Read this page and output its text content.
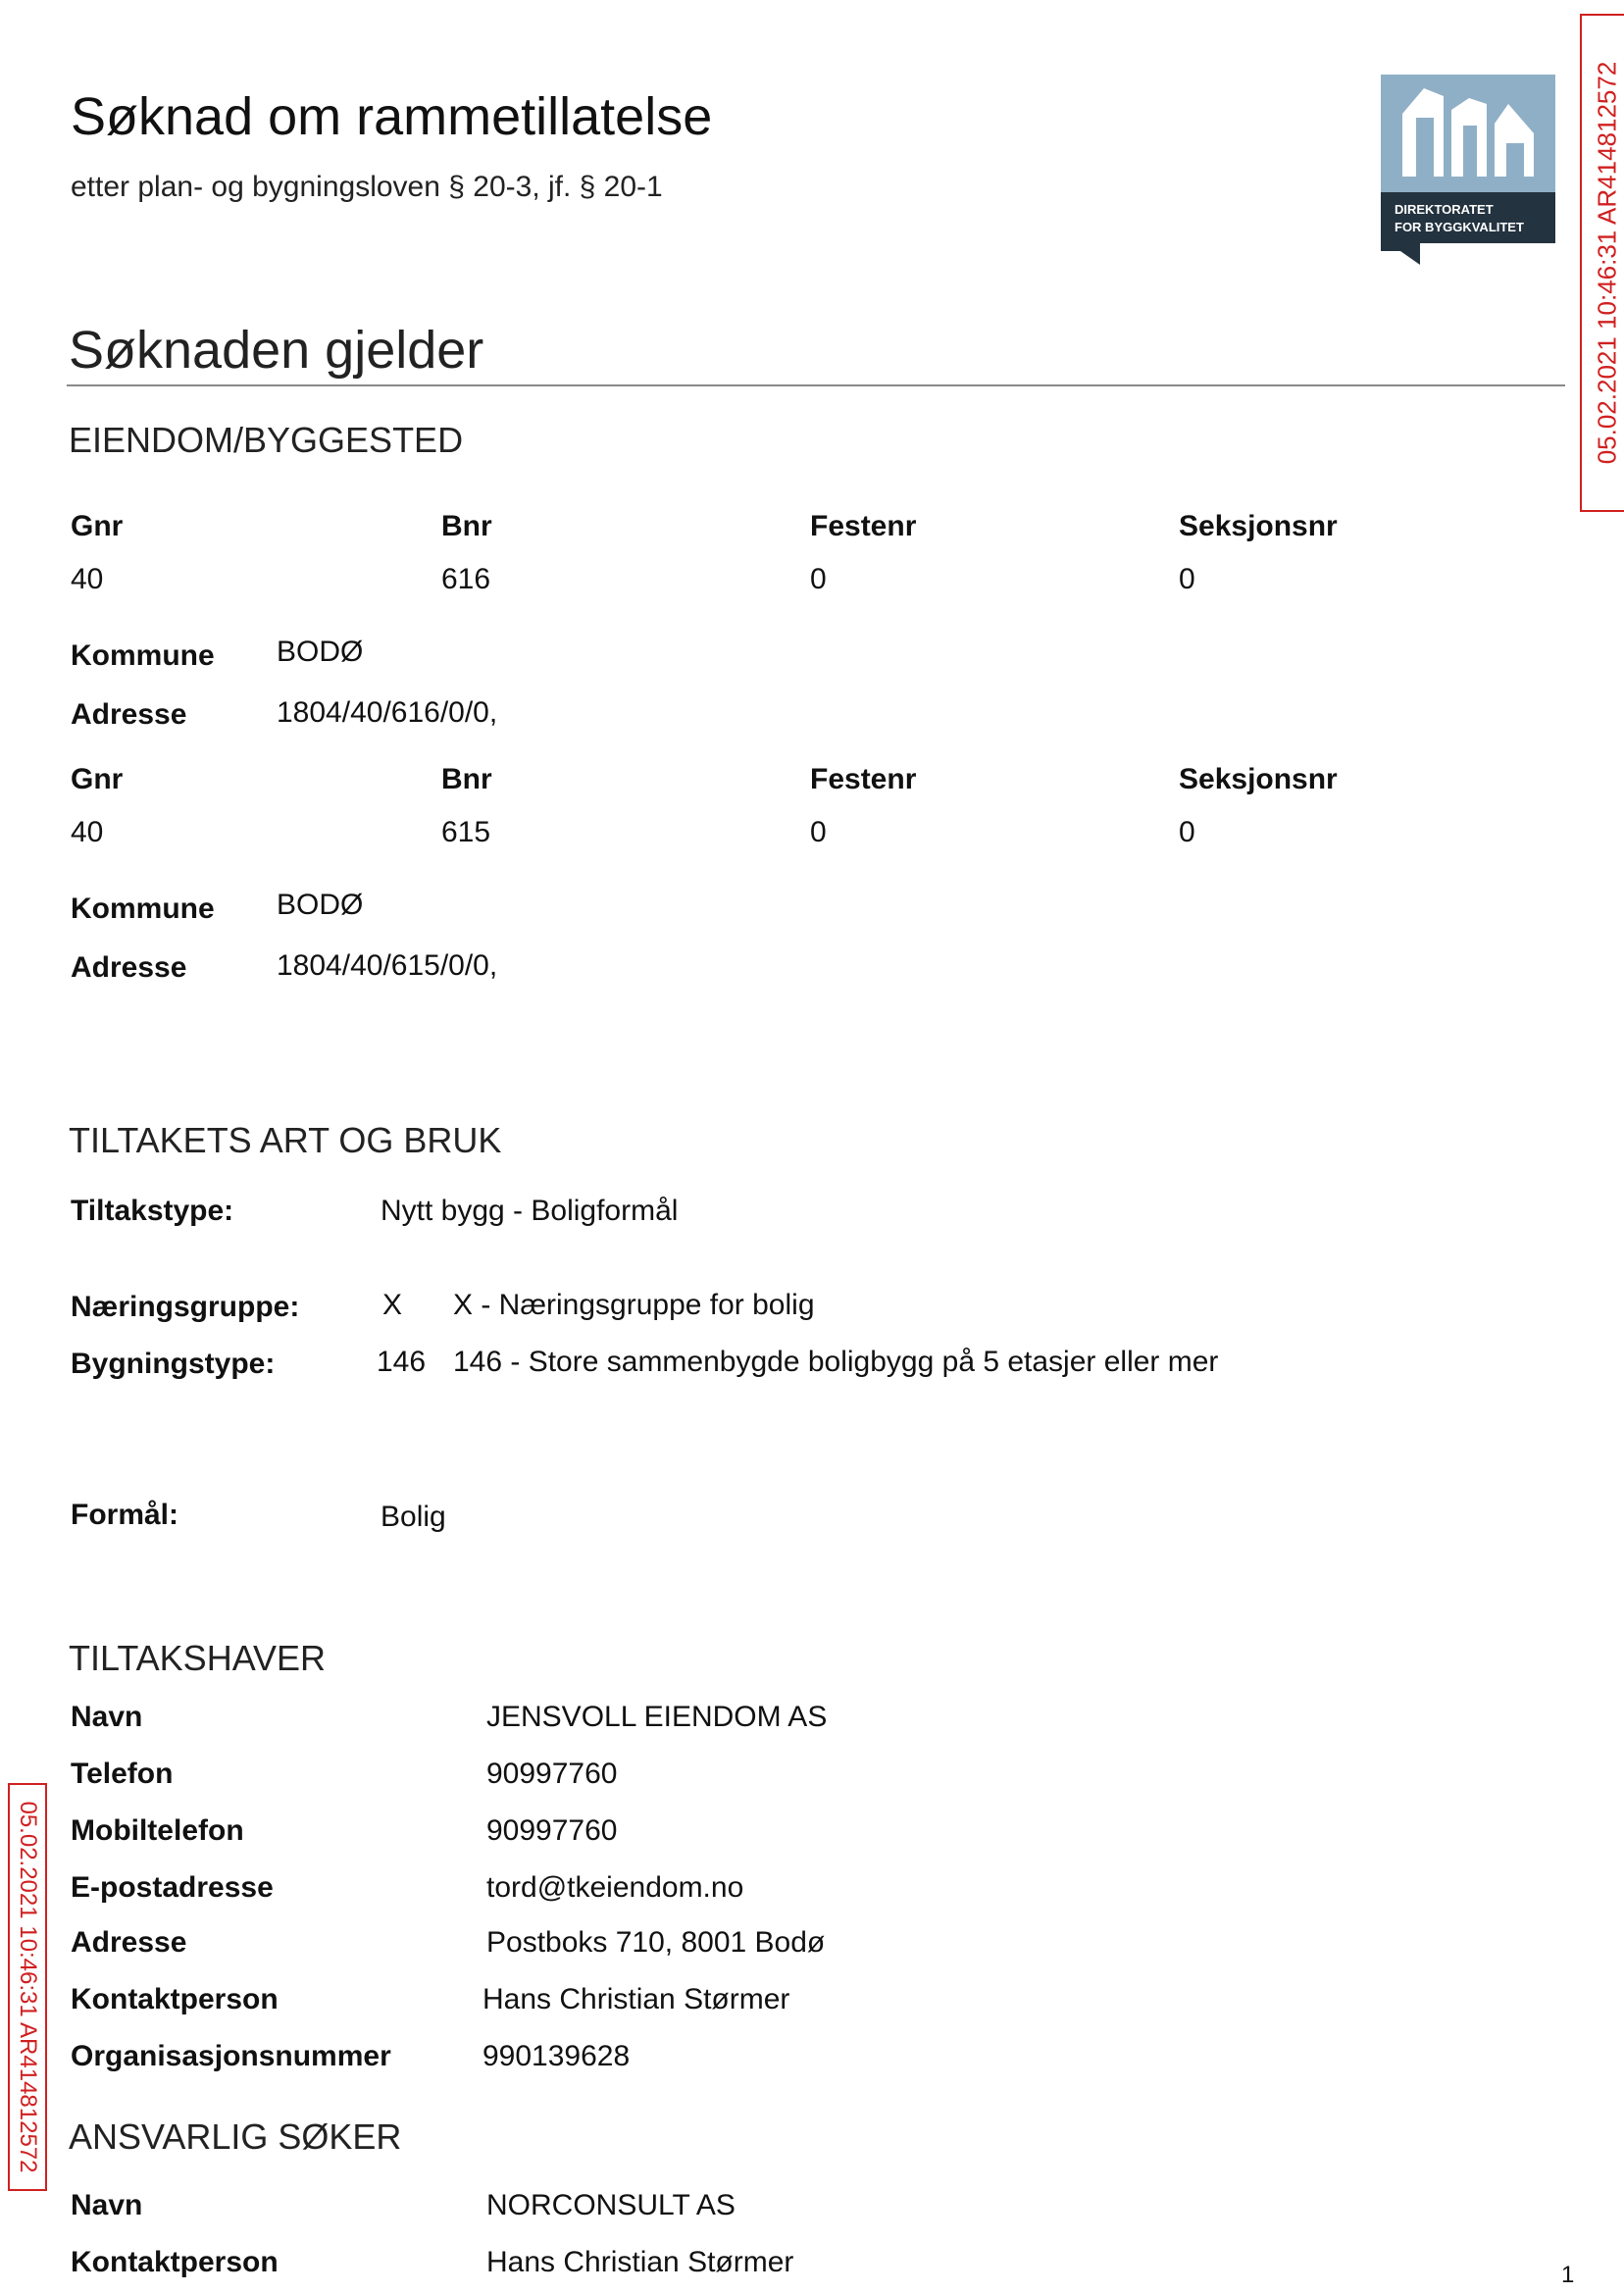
Søknad om rammetillatelse
etter plan- og bygningsloven § 20-3, jf. § 20-1
DIREKTORATET
FOR BYGGKVALITET	05.02.2021 10:46:31 AR414812572
05.02.2021 10:46:31 AR414812572
Søknaden gjelder
EIENDOM/BYGGESTED
Gnr	Bnr	Festenr	Seksjonsnr
40	616	0	0
Kommune BODØ
Adresse	1804/40/616/0/0,
Gnr	Bnr	Festenr	Seksjonsnr
40	615	0	0
Kommune BODØ
Adresse	1804/40/615/0/0,
TILTAKETS ART OG BRUK
Tiltakstype:	Nytt bygg - Boligformål
Næringsgruppe:	X X - Næringsgruppe for bolig
Bygningstype:	146 146 - Store sammenbygde boligbygg på 5 etasjer eller mer
Formål:	Bolig
TILTAKSHAVER
Navn	JENSVOLL EIENDOM AS
Telefon	90997760
Mobiltelefon	90997760
E-postadresse	tord@tkeiendom.no
Adresse	Postboks 710, 8001 Bodø
Kontaktperson	Hans Christian Størmer
Organisasjonsnummer	990139628
ANSVARLIG SØKER
Navn	NORCONSULT AS
Kontaktperson	Hans Christian Størmer	1
